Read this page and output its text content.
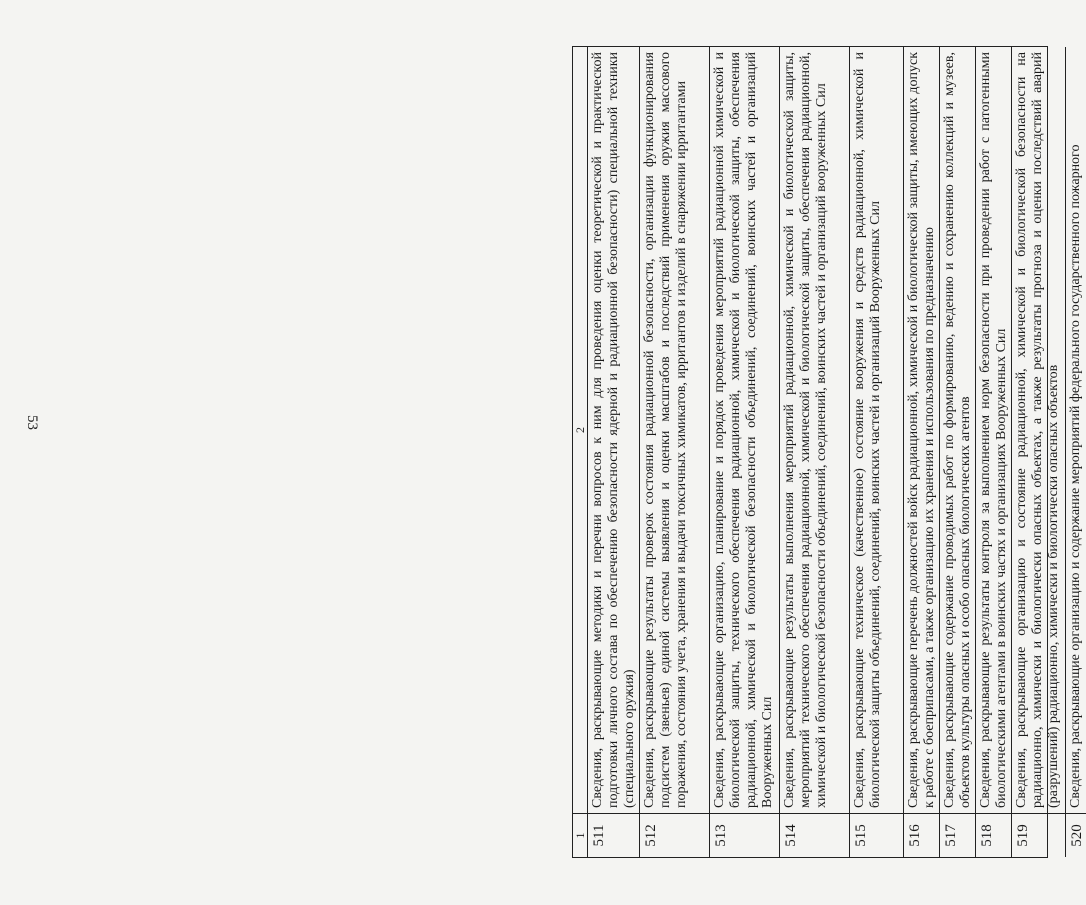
53
1
2
511
Сведения, раскрывающие методики и перечни вопросов к ним для проведения оценки теоретической и практической подготовки личного состава по обеспечению безопасности ядерной и радиационной безопасности) специальной техники (специального оружия)
512
Сведения, раскрывающие результаты проверок состояния радиационной безопасности, организации функционирования подсистем (звеньев) единой системы выявления и оценки масштабов и последствий применения оружия массового поражения, состояния учета, хранения и выдачи токсичных химикатов, ирритантов и изделий в снаряжении ирритантами
513
Сведения, раскрывающие организацию, планирование и порядок проведения мероприятий радиационной химической и биологической защиты, технического обеспечения радиационной, химической и биологической защиты, обеспечения радиационной, химической и биологической безопасности объединений, соединений, воинских частей и организаций Вооруженных Сил
514
Сведения, раскрывающие результаты выполнения мероприятий радиационной, химической и биологической защиты, мероприятий технического обеспечения радиационной, химической и биологической защиты, обеспечения радиационной, химической и биологической безопасности объединений, соединений, воинских частей и организаций вооруженных Сил
515
Сведения, раскрывающие техническое (качественное) состояние вооружения и средств радиационной, химической и биологической защиты объединений, соединений, воинских частей и организаций Вооруженных Сил
516
Сведения, раскрывающие перечень должностей войск радиационной, химической и биологической защиты, имеющих допуск к работе с боеприпасами, а также организацию их хранения и использования по предназначению
517
Сведения, раскрывающие содержание проводимых работ по формированию, ведению и сохранению коллекций и музеев, объектов культуры опасных и особо опасных биологических агентов
518
Сведения, раскрывающие результаты контроля за выполнением норм безопасности при проведении работ с патогенными биологическими агентами в воинских частях и организациях Вооруженных Сил
519
Сведения, раскрывающие организацию и состояние радиационной, химической и биологической безопасности на радиационно, химически и биологически опасных объектах, а также результаты прогноза и оценки последствий аварий (разрушений) радиационно, химически и биологически опасных объектов
520
Сведения, раскрывающие организацию и содержание мероприятий федерального государственного пожарного
